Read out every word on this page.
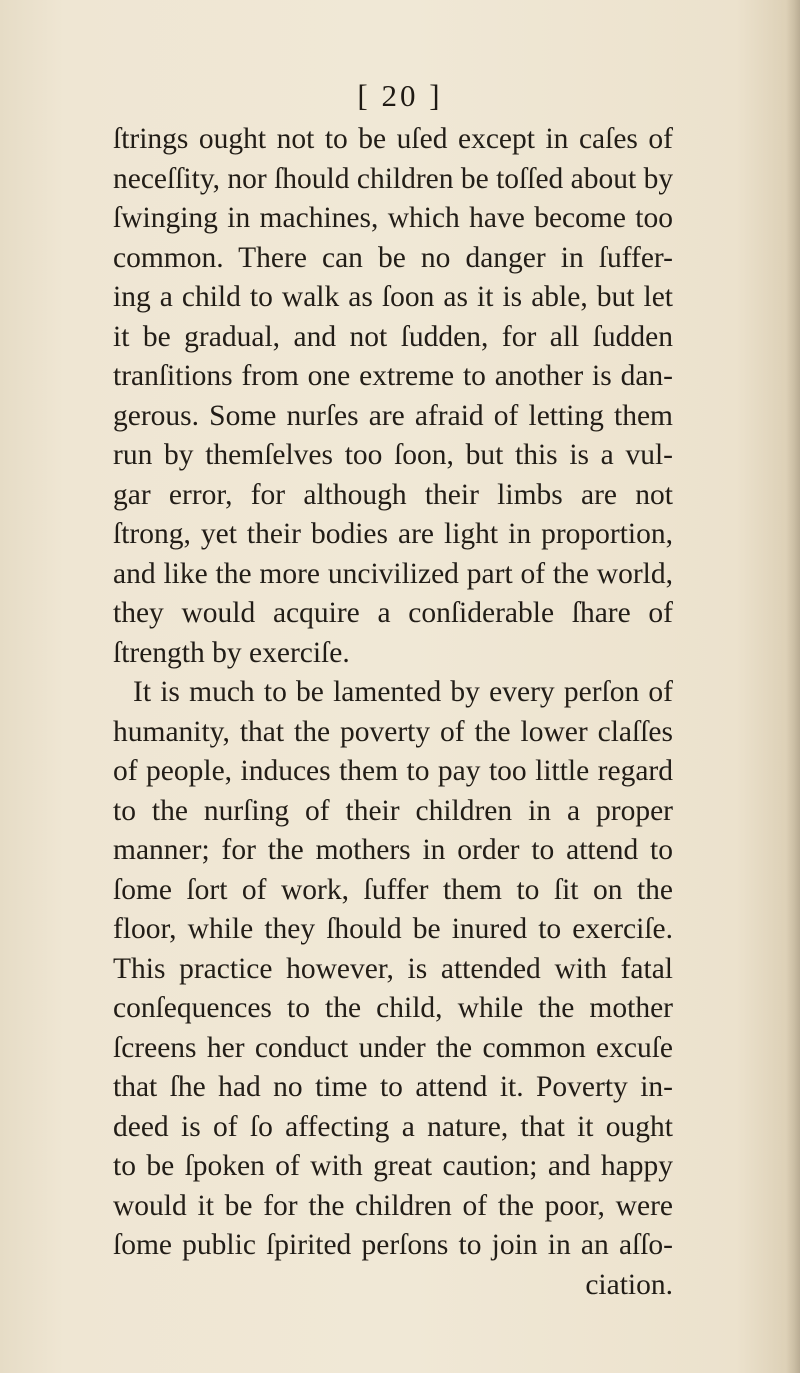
[ 20 ]
ſtrings ought not to be uſed except in caſes of
neceſſity, nor ſhould children be toſſed about by
ſwinging in machines, which have become too
common. There can be no danger in ſuffer-
ing a child to walk as ſoon as it is able, but let
it be gradual, and not ſudden, for all ſudden
tranſitions from one extreme to another is dan-
gerous. Some nurſes are afraid of letting them
run by themſelves too ſoon, but this is a vul-
gar error, for although their limbs are not
ſtrong, yet their bodies are light in proportion,
and like the more uncivilized part of the world,
they would acquire a conſiderable ſhare of
ſtrength by exerciſe.
It is much to be lamented by every perſon of
humanity, that the poverty of the lower claſſes
of people, induces them to pay too little regard
to the nurſing of their children in a proper
manner; for the mothers in order to attend to
ſome ſort of work, ſuffer them to ſit on the
floor, while they ſhould be inured to exerciſe.
This practice however, is attended with fatal
conſequences to the child, while the mother
ſcreens her conduct under the common excuſe
that ſhe had no time to attend it. Poverty in-
deed is of ſo affecting a nature, that it ought
to be ſpoken of with great caution; and happy
would it be for the children of the poor, were
ſome public ſpirited perſons to join in an aſſo-
ciation.
